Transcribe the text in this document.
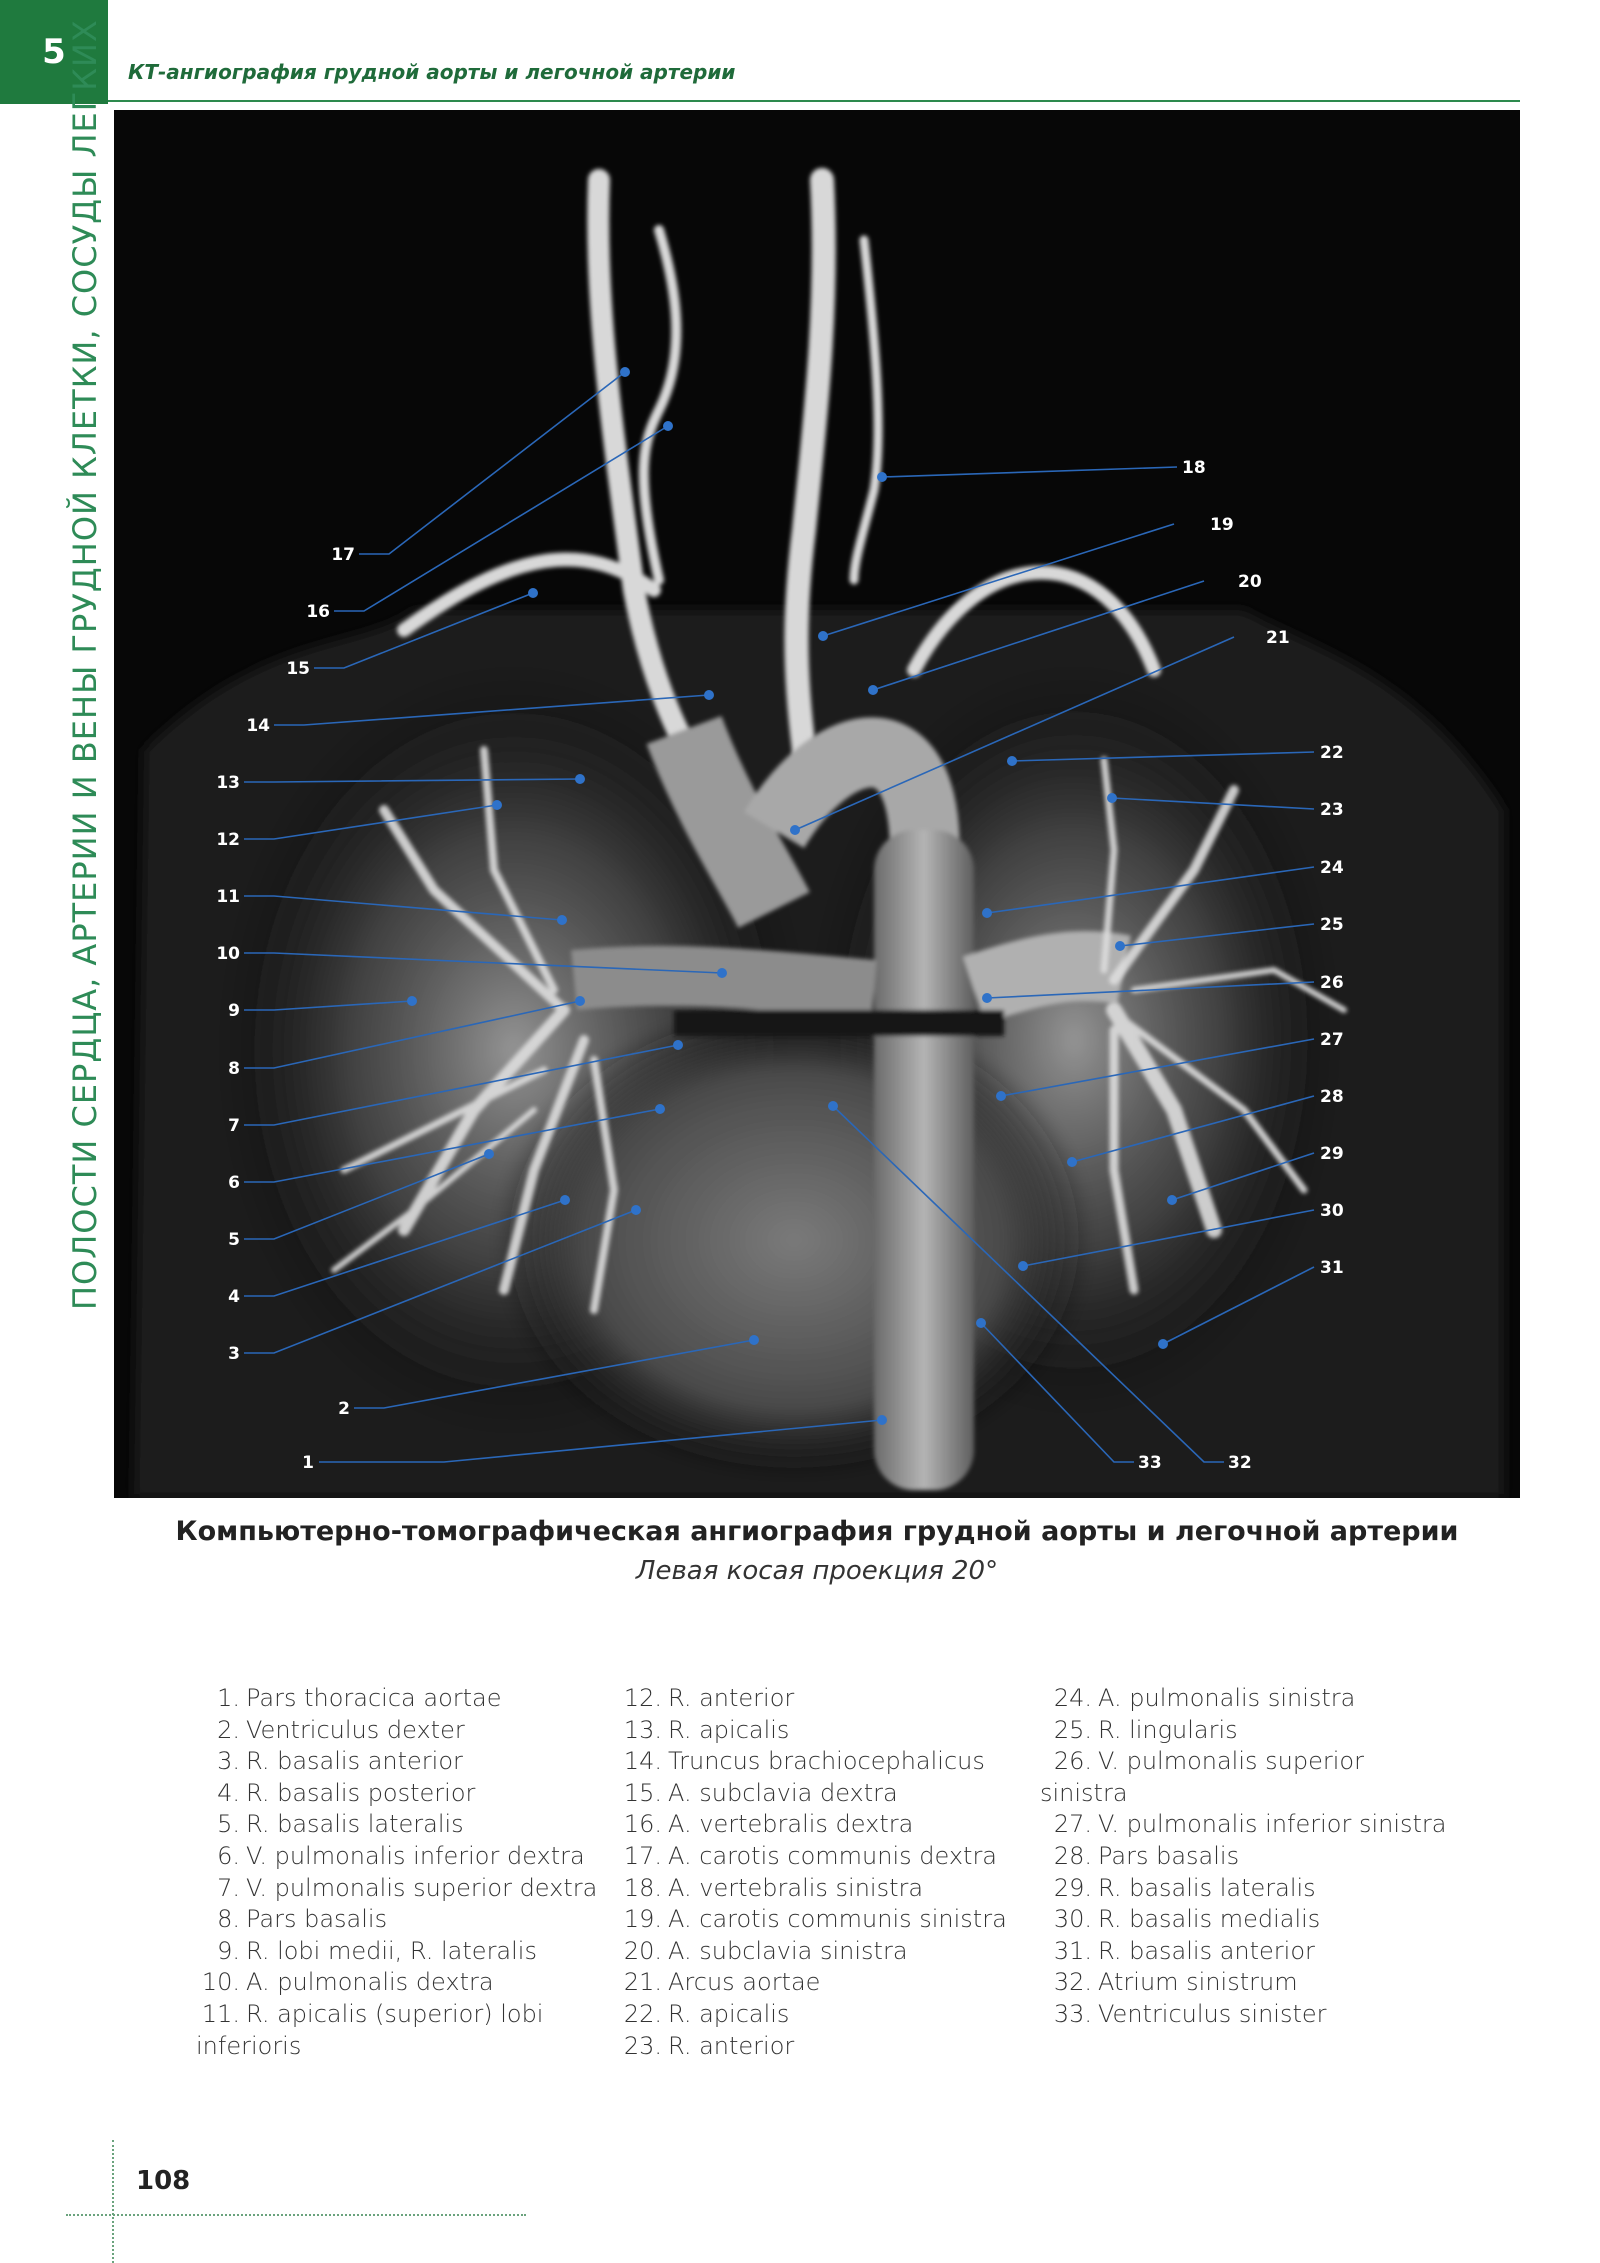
5	КТ-ангиография грудной аорты и легочной артерии
ПОЛОСТИ СЕРДЦА, АРТЕРИИ И ВЕНЫ ГРУДНОЙ КЛЕТКИ, СОСУДЫ ЛЕГКИХ
1
2
3
4
5
6
7
8
9
10
11
12
13
14
15
16
17
18
19
20
21
22
23
24
25
26
27
28
29
30
31
32
33
Компьютерно-томографическая ангиография грудной аорты и легочной артерии
Левая косая проекция 20°
1. Pars thoracica aortae
2. Ventriculus dexter
3. R. basalis anterior
4. R. basalis posterior
5. R. basalis lateralis
6. V. pulmonalis inferior dextra
7. V. pulmonalis superior dextra
8. Pars basalis
9. R. lobi medii, R. lateralis
10. A. pulmonalis dextra
11. R. apicalis (superior) lobi
inferioris
12. R. anterior
13. R. apicalis
14. Truncus brachiocephalicus
15. A. subclavia dextra
16. A. vertebralis dextra
17. A. carotis communis dextra
18. A. vertebralis sinistra
19. A. carotis communis sinistra
20. A. subclavia sinistra
21. Arcus aortae
22. R. apicalis
23. R. anterior
24. A. pulmonalis sinistra
25. R. lingularis
26. V. pulmonalis superior
sinistra
27. V. pulmonalis inferior sinistra
28. Pars basalis
29. R. basalis lateralis
30. R. basalis medialis
31. R. basalis anterior
32. Atrium sinistrum
33. Ventriculus sinister
108
